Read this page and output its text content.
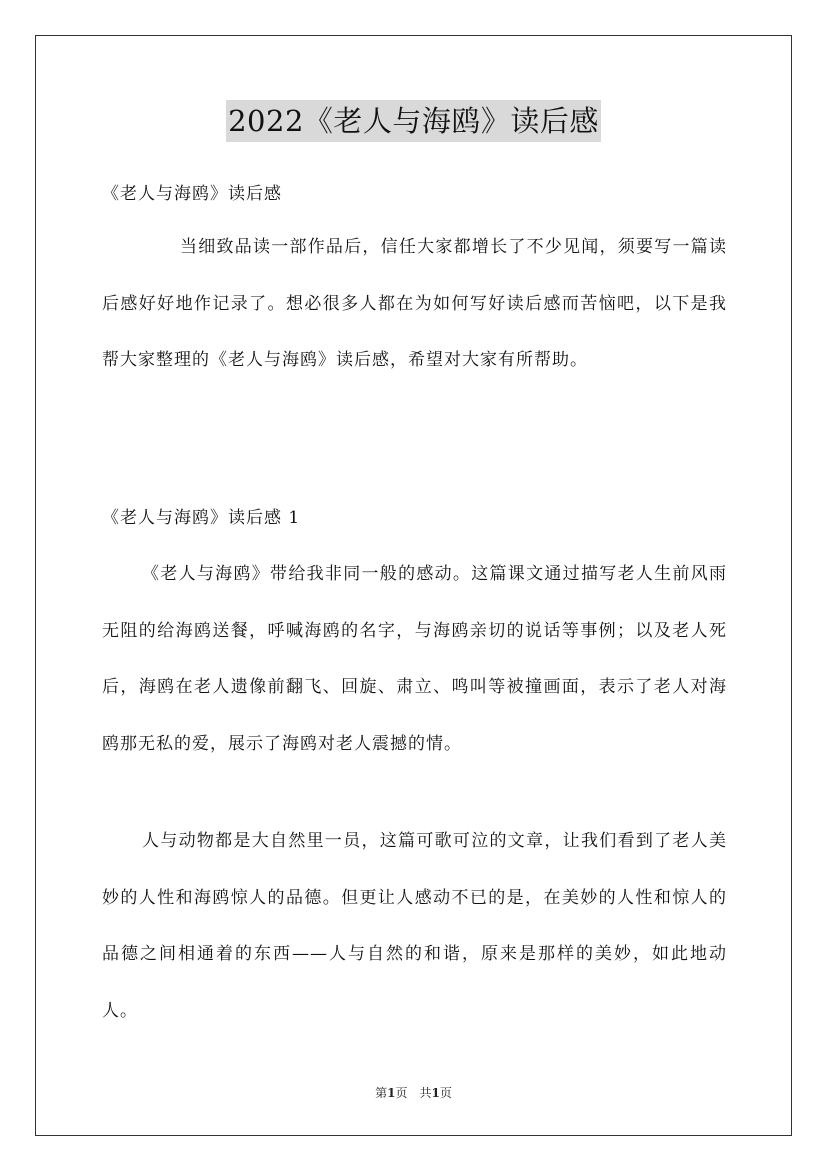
2022《老人与海鸥》读后感
《老人与海鸥》读后感
当细致品读一部作品后，信任大家都增长了不少见闻，须要写一篇读后感好好地作记录了。想必很多人都在为如何写好读后感而苦恼吧，以下是我帮大家整理的《老人与海鸥》读后感，希望对大家有所帮助。
《老人与海鸥》读后感 1
《老人与海鸥》带给我非同一般的感动。这篇课文通过描写老人生前风雨无阻的给海鸥送餐，呼喊海鸥的名字，与海鸥亲切的说话等事例；以及老人死后，海鸥在老人遗像前翻飞、回旋、肃立、鸣叫等被撞画面，表示了老人对海鸥那无私的爱，展示了海鸥对老人震撼的情。
人与动物都是大自然里一员，这篇可歌可泣的文章，让我们看到了老人美妙的人性和海鸥惊人的品德。但更让人感动不已的是，在美妙的人性和惊人的品德之间相通着的东西——人与自然的和谐，原来是那样的美妙，如此地动人。
第1页　共1页
